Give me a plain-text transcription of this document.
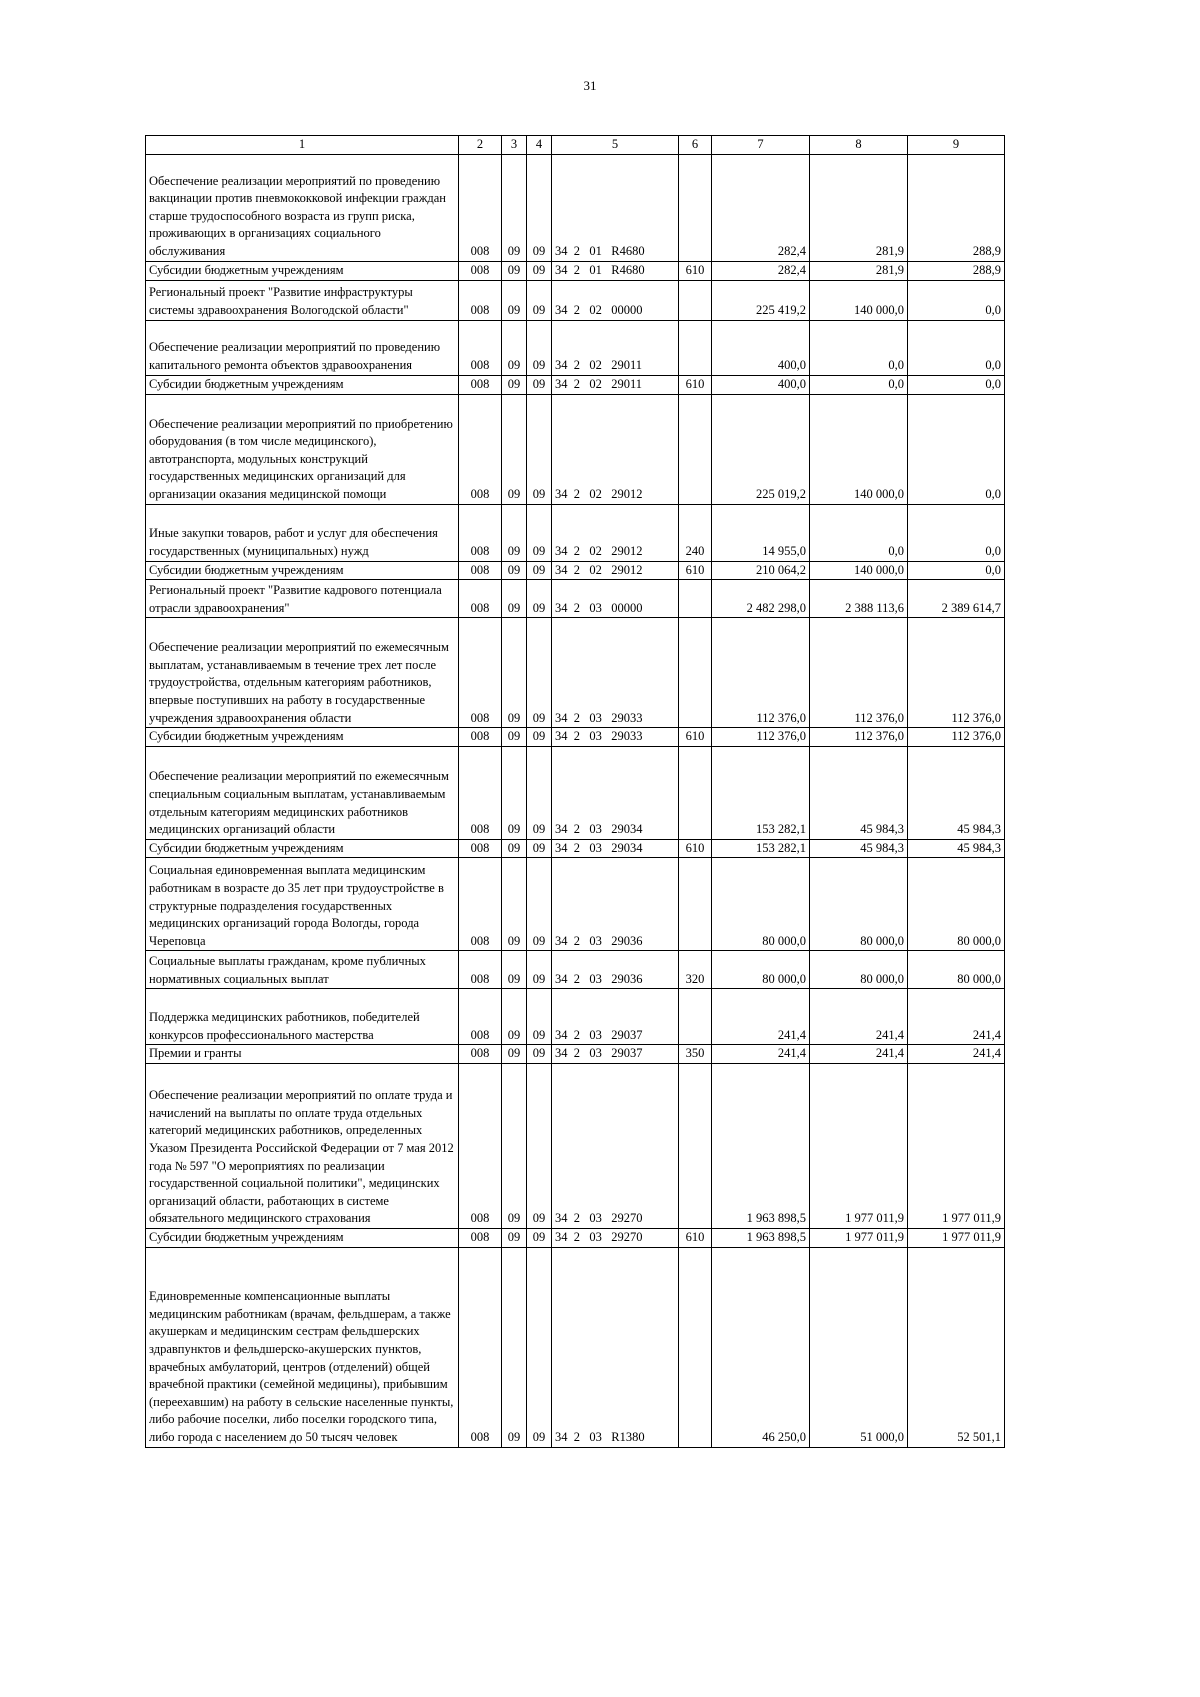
31
1	2	3	4	5	6	7	8	9
Обеспечение реализации мероприятий по проведению вакцинации против пневмококковой инфекции граждан старше трудоспособного возраста из групп риска, проживающих в организациях социального обслуживания	008	09	09	34  2   01   R4680		282,4	281,9	288,9
Субсидии бюджетным учреждениям	008	09	09	34  2   01   R4680	610	282,4	281,9	288,9
Региональный проект "Развитие инфраструктуры системы здравоохранения Вологодской области"	008	09	09	34  2   02   00000		225 419,2	140 000,0	0,0
Обеспечение реализации мероприятий по проведению капитального ремонта объектов здравоохранения	008	09	09	34  2   02   29011		400,0	0,0	0,0
Субсидии бюджетным учреждениям	008	09	09	34  2   02   29011	610	400,0	0,0	0,0
Обеспечение реализации мероприятий по приобретению оборудования (в том числе медицинского), автотранспорта, модульных конструкций государственных медицинских организаций для организации оказания медицинской помощи	008	09	09	34  2   02   29012		225 019,2	140 000,0	0,0
Иные закупки товаров, работ и услуг для обеспечения государственных (муниципальных) нужд	008	09	09	34  2   02   29012	240	14 955,0	0,0	0,0
Субсидии бюджетным учреждениям	008	09	09	34  2   02   29012	610	210 064,2	140 000,0	0,0
Региональный проект "Развитие кадрового потенциала отрасли здравоохранения"	008	09	09	34  2   03   00000		2 482 298,0	2 388 113,6	2 389 614,7
Обеспечение реализации мероприятий по ежемесячным выплатам, устанавливаемым в течение трех лет после трудоустройства, отдельным категориям работников, впервые поступивших на работу в государственные учреждения здравоохранения области	008	09	09	34  2   03   29033		112 376,0	112 376,0	112 376,0
Субсидии бюджетным учреждениям	008	09	09	34  2   03   29033	610	112 376,0	112 376,0	112 376,0
Обеспечение реализации мероприятий по ежемесячным специальным социальным выплатам, устанавливаемым отдельным категориям медицинских работников медицинских организаций области	008	09	09	34  2   03   29034		153 282,1	45 984,3	45 984,3
Субсидии бюджетным учреждениям	008	09	09	34  2   03   29034	610	153 282,1	45 984,3	45 984,3
Социальная единовременная выплата медицинским работникам в возрасте до 35 лет при трудоустройстве в структурные подразделения государственных медицинских организаций города Вологды, города Череповца	008	09	09	34  2   03   29036		80 000,0	80 000,0	80 000,0
Социальные выплаты гражданам, кроме публичных нормативных социальных выплат	008	09	09	34  2   03   29036	320	80 000,0	80 000,0	80 000,0
Поддержка медицинских работников, победителей конкурсов профессионального мастерства	008	09	09	34  2   03   29037		241,4	241,4	241,4
Премии и гранты	008	09	09	34  2   03   29037	350	241,4	241,4	241,4
Обеспечение реализации мероприятий по оплате труда и начислений на выплаты по оплате труда отдельных категорий медицинских работников, определенных Указом Президента Российской Федерации от 7 мая 2012 года № 597 "О мероприятиях по реализации государственной социальной политики", медицинских организаций области, работающих в системе обязательного медицинского страхования	008	09	09	34  2   03   29270		1 963 898,5	1 977 011,9	1 977 011,9
Субсидии бюджетным учреждениям	008	09	09	34  2   03   29270	610	1 963 898,5	1 977 011,9	1 977 011,9
Единовременные компенсационные выплаты медицинским работникам (врачам, фельдшерам, а также акушеркам и медицинским сестрам фельдшерских здравпунктов и фельдшерско-акушерских пунктов, врачебных амбулаторий, центров (отделений) общей врачебной практики (семейной медицины), прибывшим (переехавшим) на работу в сельские населенные пункты, либо рабочие поселки, либо поселки городского типа, либо города с населением до 50 тысяч человек	008	09	09	34  2   03   R1380		46 250,0	51 000,0	52 501,1
